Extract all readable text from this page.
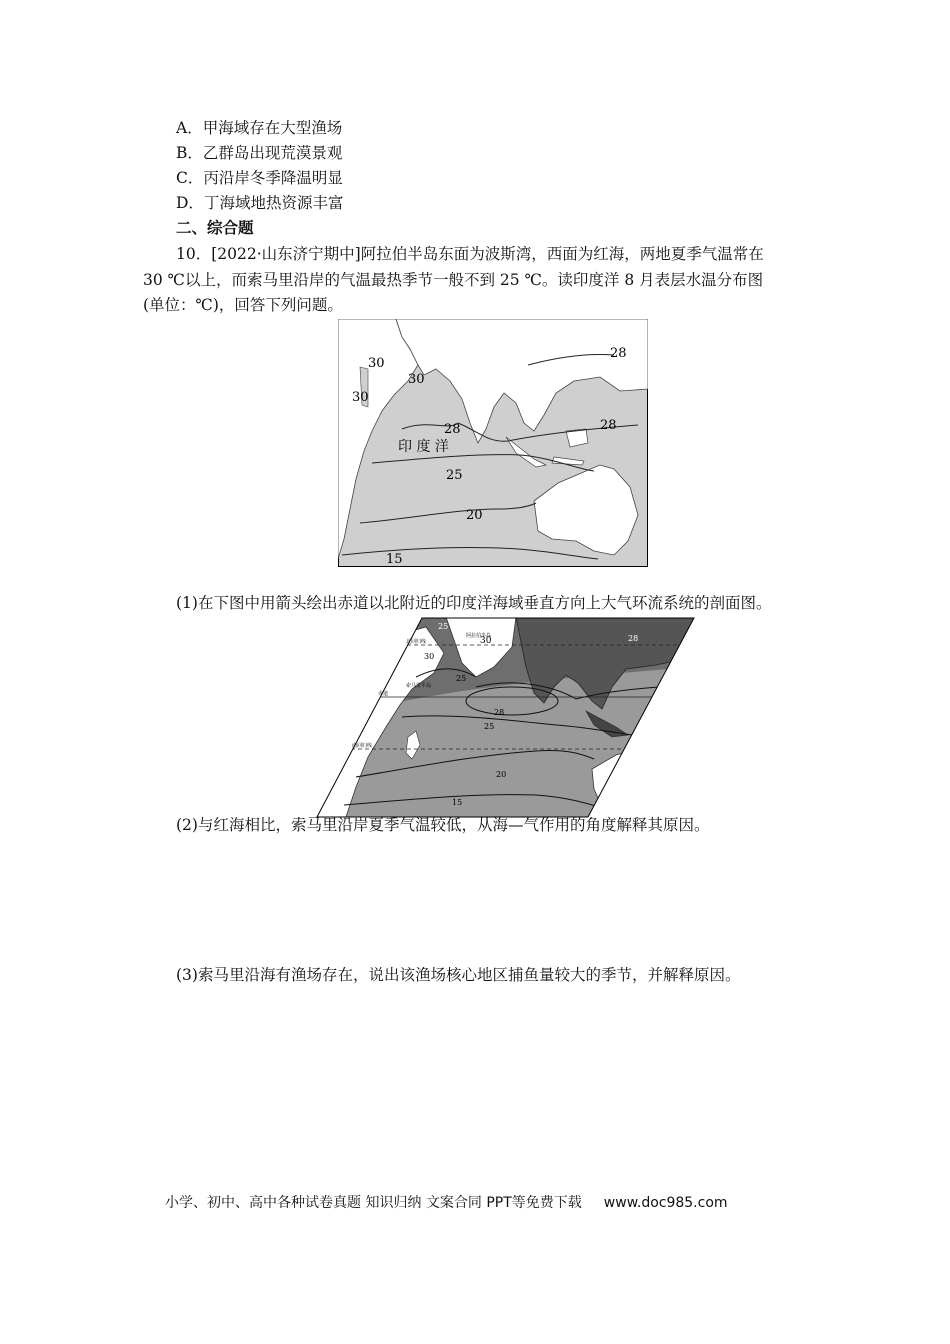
A．甲海域存在大型渔场
B．乙群岛出现荒漠景观
C．丙沿岸冬季降温明显
D．丁海域地热资源丰富
二、综合题
10．[2022·山东济宁期中]阿拉伯半岛东面为波斯湾，西面为红海，两地夏季气温常在
30 ℃以上，而索马里沿岸的气温最热季节一般不到 25 ℃。读印度洋 8 月表层水温分布图
(单位：℃)，回答下列问题。
30
30
30
28
28	28
25
20
15
印 度 洋
(1)在下图中用箭头绘出赤道以北附近的印度洋海域垂直方向上大气环流系统的剖面图。
25
30
30
25
28
28
25
20
15
北回归线
赤道
南回归线
阿拉伯半岛
索马里半岛
(2)与红海相比，索马里沿岸夏季气温较低，从海—气作用的角度解释其原因。
(3)索马里沿海有渔场存在，说出该渔场核心地区捕鱼量较大的季节，并解释原因。
小学、初中、高中各种试卷真题 知识归纳 文案合同 PPT等免费下载 www.doc985.com
